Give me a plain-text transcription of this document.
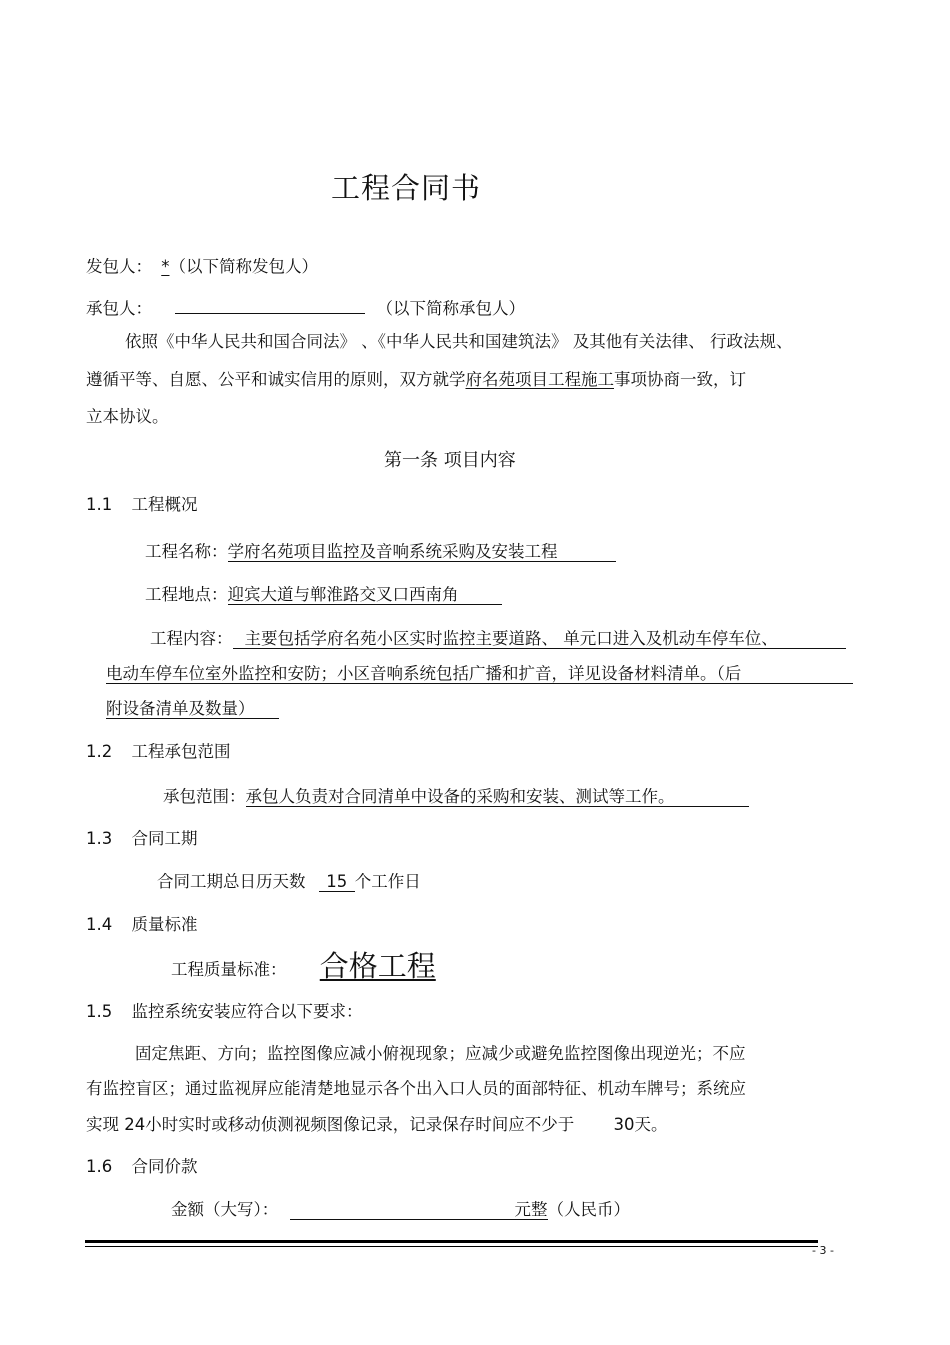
工程合同书
发包人： *（以下简称发包人）
承包人：	（以下简称承包人）
依照《中华人民共和国合同法》 、《中华人民共和国建筑法》 及其他有关法律、 行政法规、
遵循平等、自愿、公平和诚实信用的原则，双方就学府名苑项目工程施工事项协商一致，订
立本协议。
第一条 项目内容
1.1 工程概况
工程名称：学府名苑项目监控及音响系统采购及安装工程
工程地点：迎宾大道与郸淮路交叉口西南角
工程内容： 主要包括学府名苑小区实时监控主要道路、 单元口进入及机动车停车位、
电动车停车位室外监控和安防；小区音响系统包括广播和扩音，详见设备材料清单。（后
附设备清单及数量）
1.2 工程承包范围
承包范围：承包人负责对合同清单中设备的采购和安装、测试等工作。
1.3 合同工期
合同工期总日历天数 15 个工作日
1.4 质量标准
工程质量标准： 合格工程
1.5 监控系统安装应符合以下要求：
固定焦距、方向；监控图像应减小俯视现象；应减少或避免监控图像出现逆光；不应
有监控盲区；通过监视屏应能清楚地显示各个出入口人员的面部特征、机动车牌号；系统应
实现 24小时实时或移动侦测视频图像记录，记录保存时间应不少于 30天。
1.6 合同价款
金额（大写）：	元整 （人民币）
- 3 -
